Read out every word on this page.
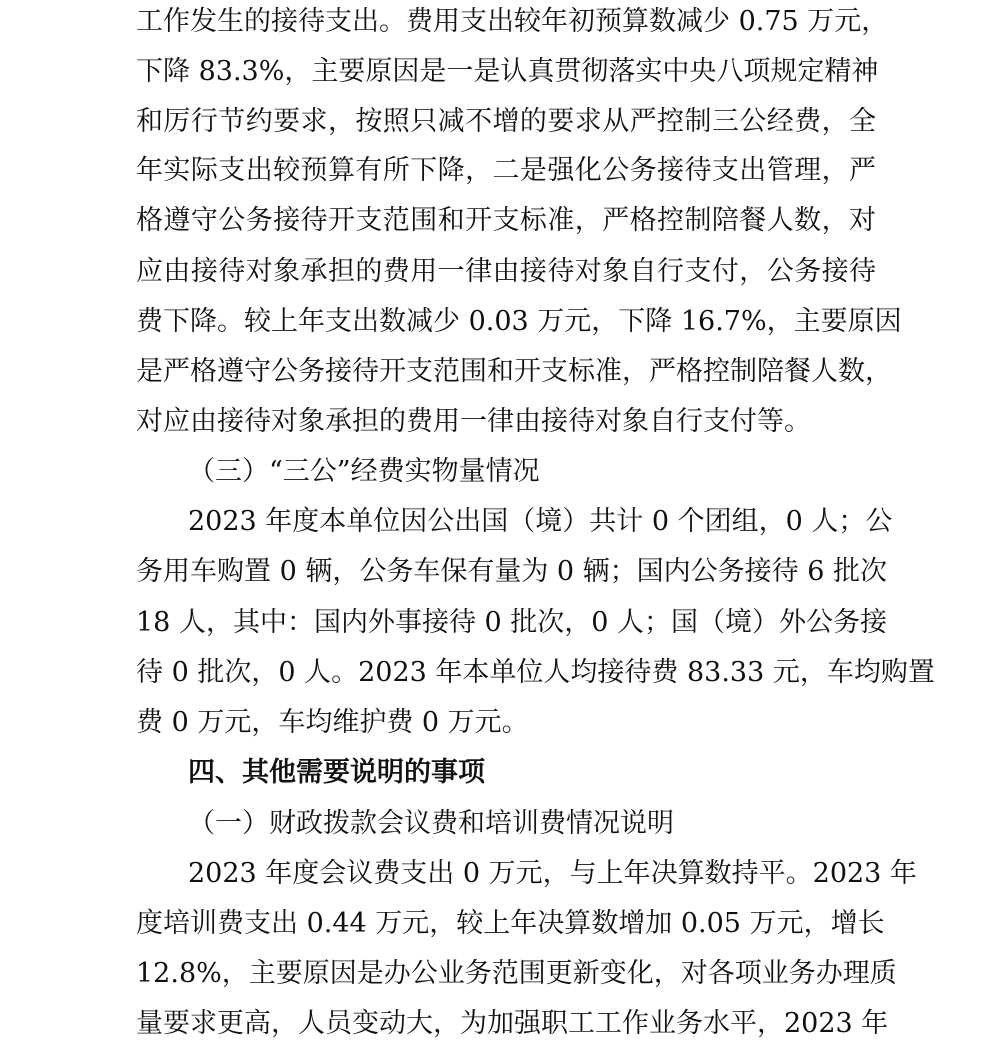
工作发生的接待支出。费用支出较年初预算数减少 0.75 万元，
下降 83.3%，主要原因是一是认真贯彻落实中央八项规定精神
和厉行节约要求，按照只减不增的要求从严控制三公经费，全
年实际支出较预算有所下降，二是强化公务接待支出管理，严
格遵守公务接待开支范围和开支标准，严格控制陪餐人数，对
应由接待对象承担的费用一律由接待对象自行支付，公务接待
费下降。较上年支出数减少 0.03 万元，下降 16.7%，主要原因
是严格遵守公务接待开支范围和开支标准，严格控制陪餐人数，
对应由接待对象承担的费用一律由接待对象自行支付等。
（三）“三公”经费实物量情况
2023 年度本单位因公出国（境）共计 0 个团组，0 人；公
务用车购置 0 辆，公务车保有量为 0 辆；国内公务接待 6 批次
18 人，其中：国内外事接待 0 批次，0 人；国（境）外公务接
待 0 批次，0 人。2023 年本单位人均接待费 83.33 元，车均购置
费 0 万元，车均维护费 0 万元。
四、其他需要说明的事项
（一）财政拨款会议费和培训费情况说明
2023 年度会议费支出 0 万元，与上年决算数持平。2023 年
度培训费支出 0.44 万元，较上年决算数增加 0.05 万元，增长
12.8%，主要原因是办公业务范围更新变化，对各项业务办理质
量要求更高，人员变动大，为加强职工工作业务水平，2023 年
